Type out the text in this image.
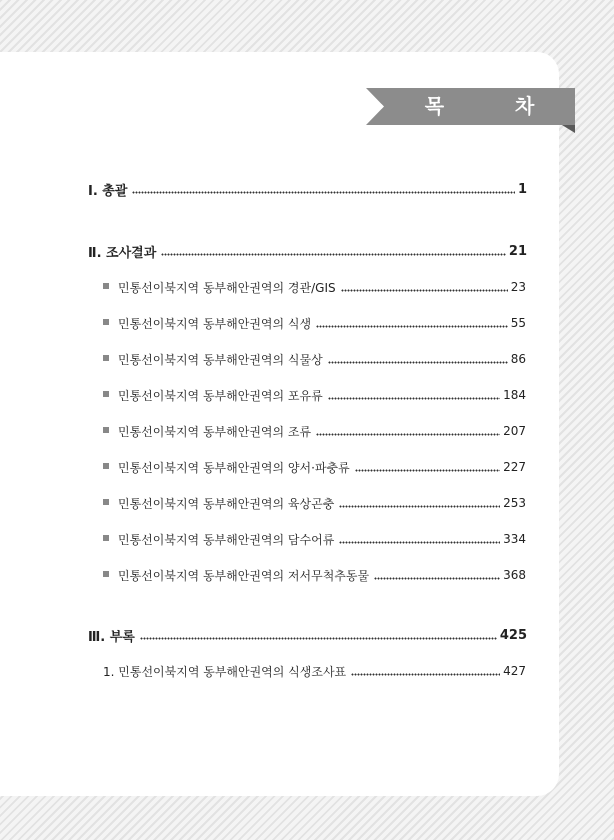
목 차
Ⅰ. 총괄	1
Ⅱ. 조사결과	21
민통선이북지역 동부해안권역의 경관/GIS	23
민통선이북지역 동부해안권역의 식생	55
민통선이북지역 동부해안권역의 식물상	86
민통선이북지역 동부해안권역의 포유류	184
민통선이북지역 동부해안권역의 조류	207
민통선이북지역 동부해안권역의 양서·파충류	227
민통선이북지역 동부해안권역의 육상곤충	253
민통선이북지역 동부해안권역의 담수어류	334
민통선이북지역 동부해안권역의 저서무척추동물	368
Ⅲ. 부록	425
1. 민통선이북지역 동부해안권역의 식생조사표	427
